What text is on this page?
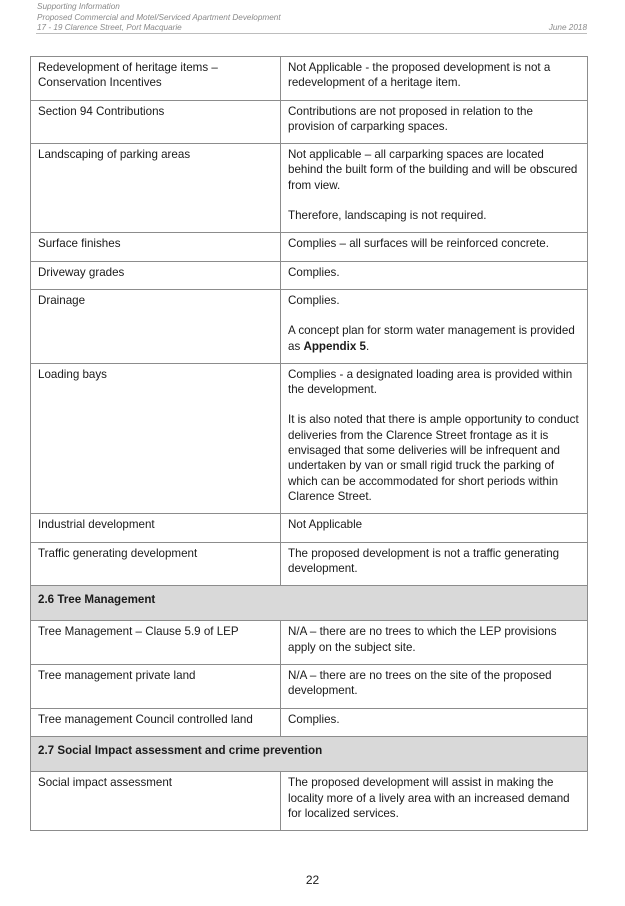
Supporting Information
Proposed Commercial and Motel/Serviced Apartment Development
17 - 19 Clarence Street, Port Macquarie	June 2018
Redevelopment of heritage items – Conservation Incentives	Not Applicable - the proposed development is not a redevelopment of a heritage item.

Section 94 Contributions	Contributions are not proposed in relation to the provision of carparking spaces.

Landscaping of parking areas	Not applicable – all carparking spaces are located behind the built form of the building and will be obscured from view.
Therefore, landscaping is not required.

Surface finishes	Complies – all surfaces will be reinforced concrete.

Driveway grades	Complies.

Drainage	Complies.
A concept plan for storm water management is provided as Appendix 5.

Loading bays	Complies - a designated loading area is provided within the development.
It is also noted that there is ample opportunity to conduct deliveries from the Clarence Street frontage as it is envisaged that some deliveries will be infrequent and undertaken by van or small rigid truck the parking of which can be accommodated for short periods within Clarence Street.

Industrial development	Not Applicable

Traffic generating development	The proposed development is not a traffic generating development.

2.6 Tree Management	
Tree Management – Clause 5.9 of LEP	N/A – there are no trees to which the LEP provisions apply on the subject site.

Tree management private land	N/A – there are no trees on the site of the proposed development.

Tree management Council controlled land	Complies.

2.7 Social Impact assessment and crime prevention	
Social impact assessment	The proposed development will assist in making the locality more of a lively area with an increased demand for localized services.
22
